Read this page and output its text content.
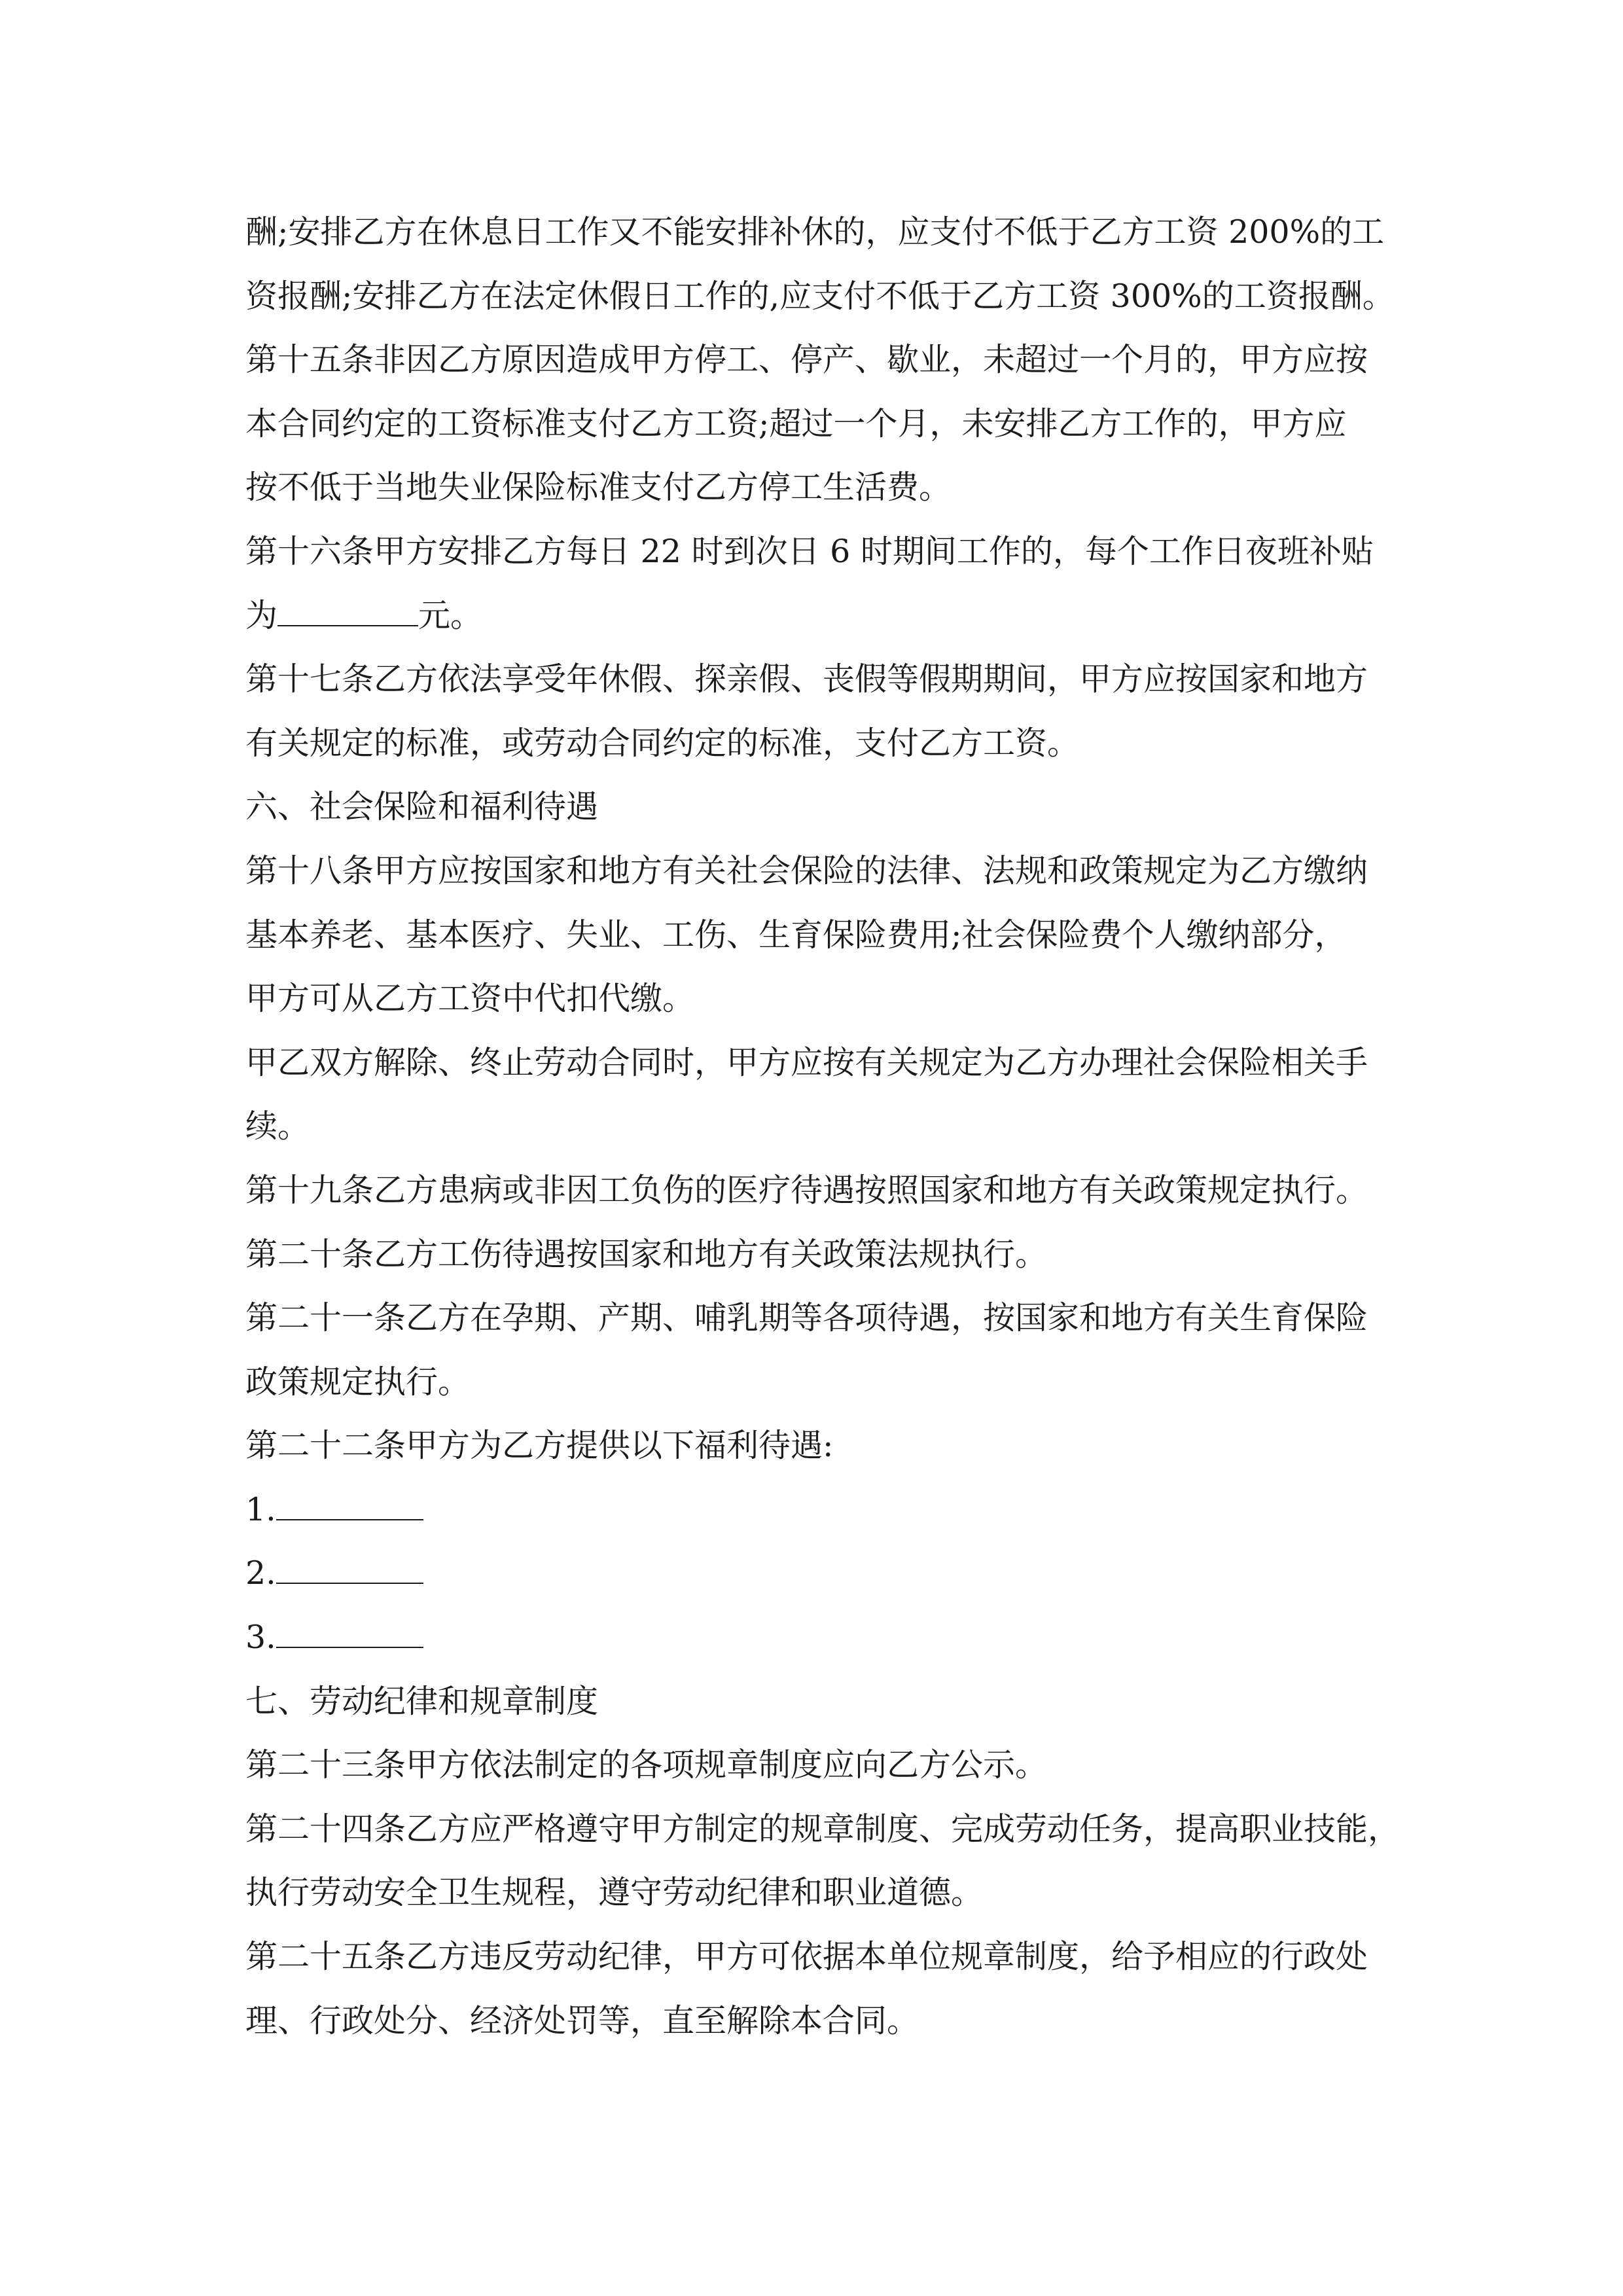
酬;安排乙方在休息日工作又不能安排补休的，应支付不低于乙方工资 200%的工
资报酬;安排乙方在法定休假日工作的,应支付不低于乙方工资 300%的工资报酬。
第十五条非因乙方原因造成甲方停工、停产、歇业，未超过一个月的，甲方应按
本合同约定的工资标准支付乙方工资;超过一个月，未安排乙方工作的，甲方应
按不低于当地失业保险标准支付乙方停工生活费。
第十六条甲方安排乙方每日 22 时到次日 6 时期间工作的，每个工作日夜班补贴
为	元。
第十七条乙方依法享受年休假、探亲假、丧假等假期期间，甲方应按国家和地方
有关规定的标准，或劳动合同约定的标准，支付乙方工资。
六、社会保险和福利待遇
第十八条甲方应按国家和地方有关社会保险的法律、法规和政策规定为乙方缴纳
基本养老、基本医疗、失业、工伤、生育保险费用;社会保险费个人缴纳部分，
甲方可从乙方工资中代扣代缴。
甲乙双方解除、终止劳动合同时，甲方应按有关规定为乙方办理社会保险相关手
续。
第十九条乙方患病或非因工负伤的医疗待遇按照国家和地方有关政策规定执行。
第二十条乙方工伤待遇按国家和地方有关政策法规执行。
第二十一条乙方在孕期、产期、哺乳期等各项待遇，按国家和地方有关生育保险
政策规定执行。
第二十二条甲方为乙方提供以下福利待遇:
1.
2.
3.
七、劳动纪律和规章制度
第二十三条甲方依法制定的各项规章制度应向乙方公示。
第二十四条乙方应严格遵守甲方制定的规章制度、完成劳动任务，提高职业技能，
执行劳动安全卫生规程，遵守劳动纪律和职业道德。
第二十五条乙方违反劳动纪律，甲方可依据本单位规章制度，给予相应的行政处
理、行政处分、经济处罚等，直至解除本合同。
